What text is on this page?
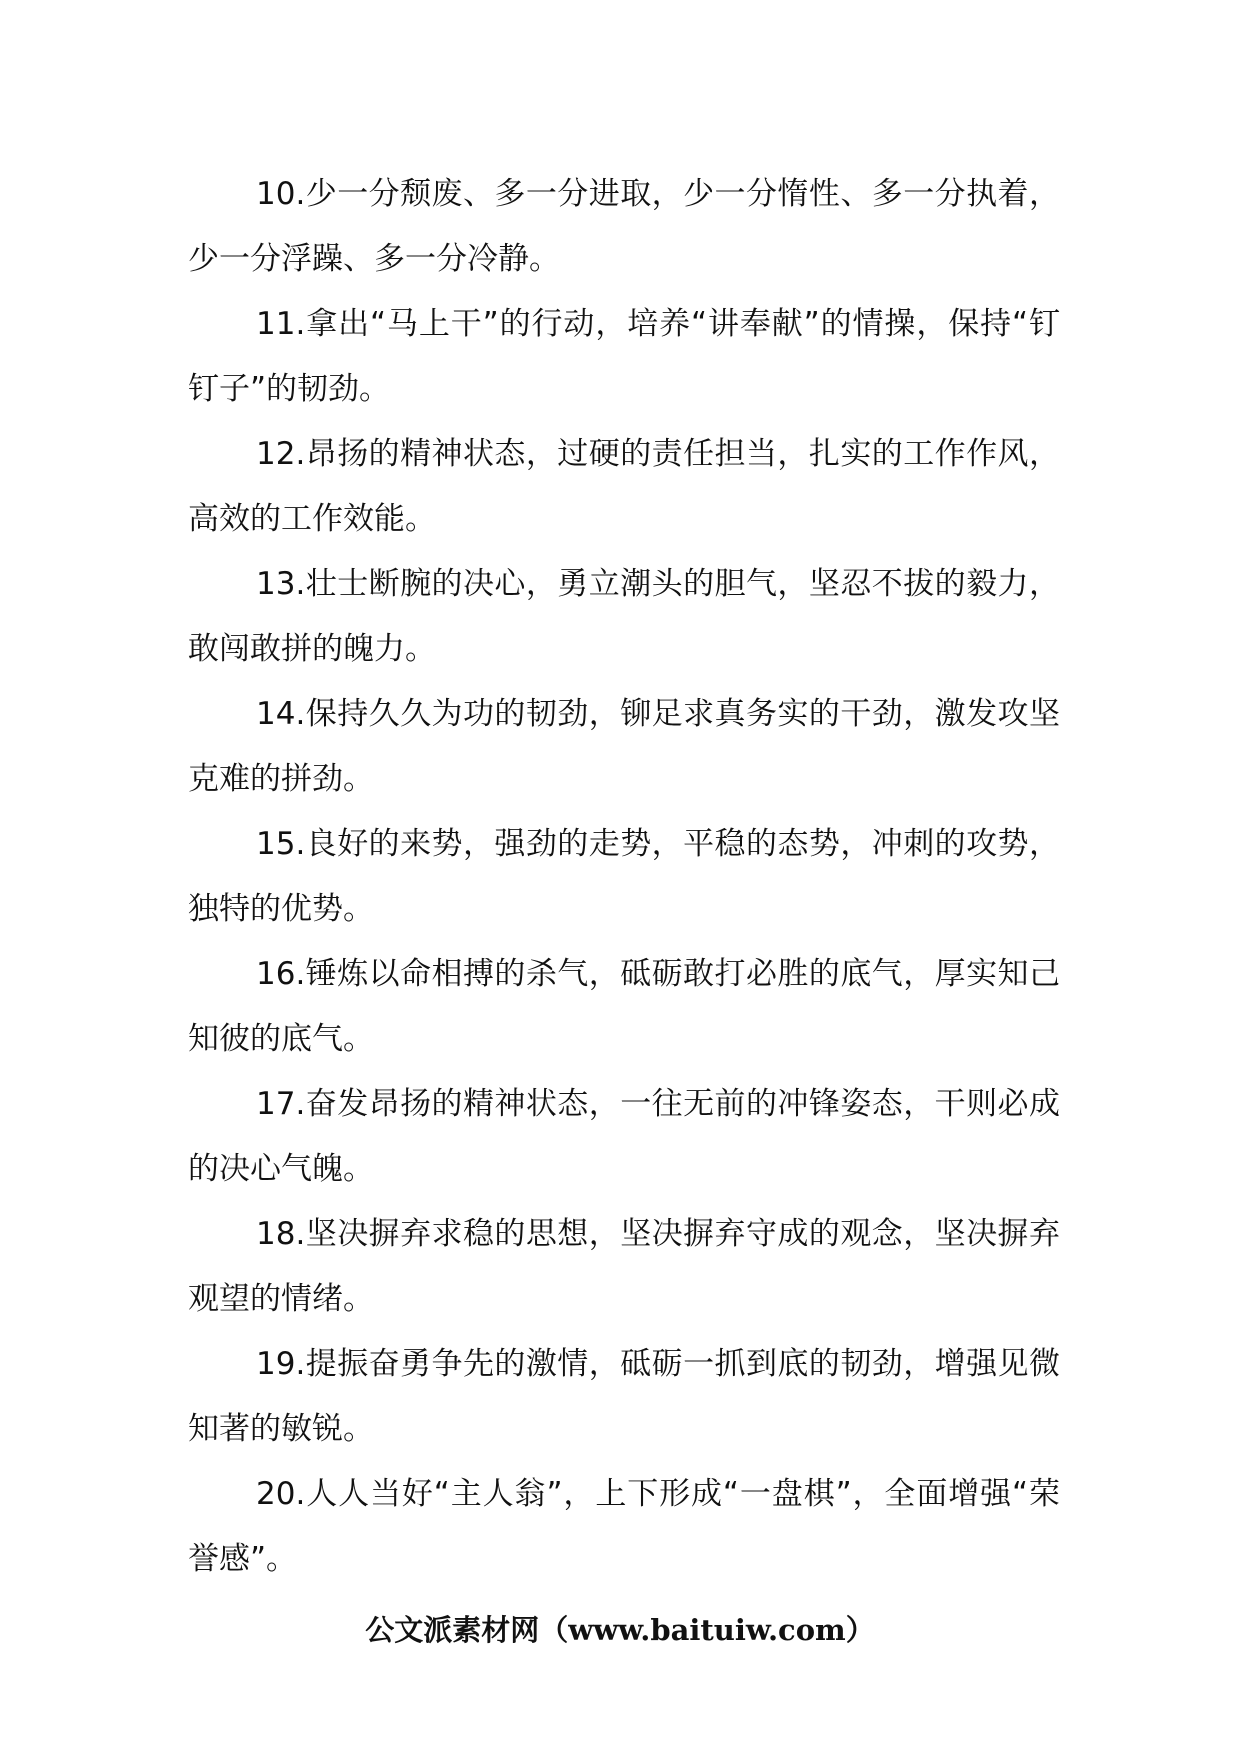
10.少一分颓废、多一分进取，少一分惰性、多一分执着，少一分浮躁、多一分冷静。

11.拿出“马上干”的行动，培养“讲奉献”的情操，保持“钉钉子”的韧劲。

12.昂扬的精神状态，过硬的责任担当，扎实的工作作风，高效的工作效能。

13.壮士断腕的决心，勇立潮头的胆气，坚忍不拔的毅力，敢闯敢拼的魄力。

14.保持久久为功的韧劲，铆足求真务实的干劲，激发攻坚克难的拼劲。

15.良好的来势，强劲的走势，平稳的态势，冲刺的攻势，独特的优势。

16.锤炼以命相搏的杀气，砥砺敢打必胜的底气，厚实知己知彼的底气。

17.奋发昂扬的精神状态，一往无前的冲锋姿态，干则必成的决心气魄。

18.坚决摒弃求稳的思想，坚决摒弃守成的观念，坚决摒弃观望的情绪。

19.提振奋勇争先的激情，砥砺一抓到底的韧劲，增强见微知著的敏锐。

20.人人当好“主人翁”，上下形成“一盘棋”，全面增强“荣誉感”。

公文派素材网（www.baituiw.com）
